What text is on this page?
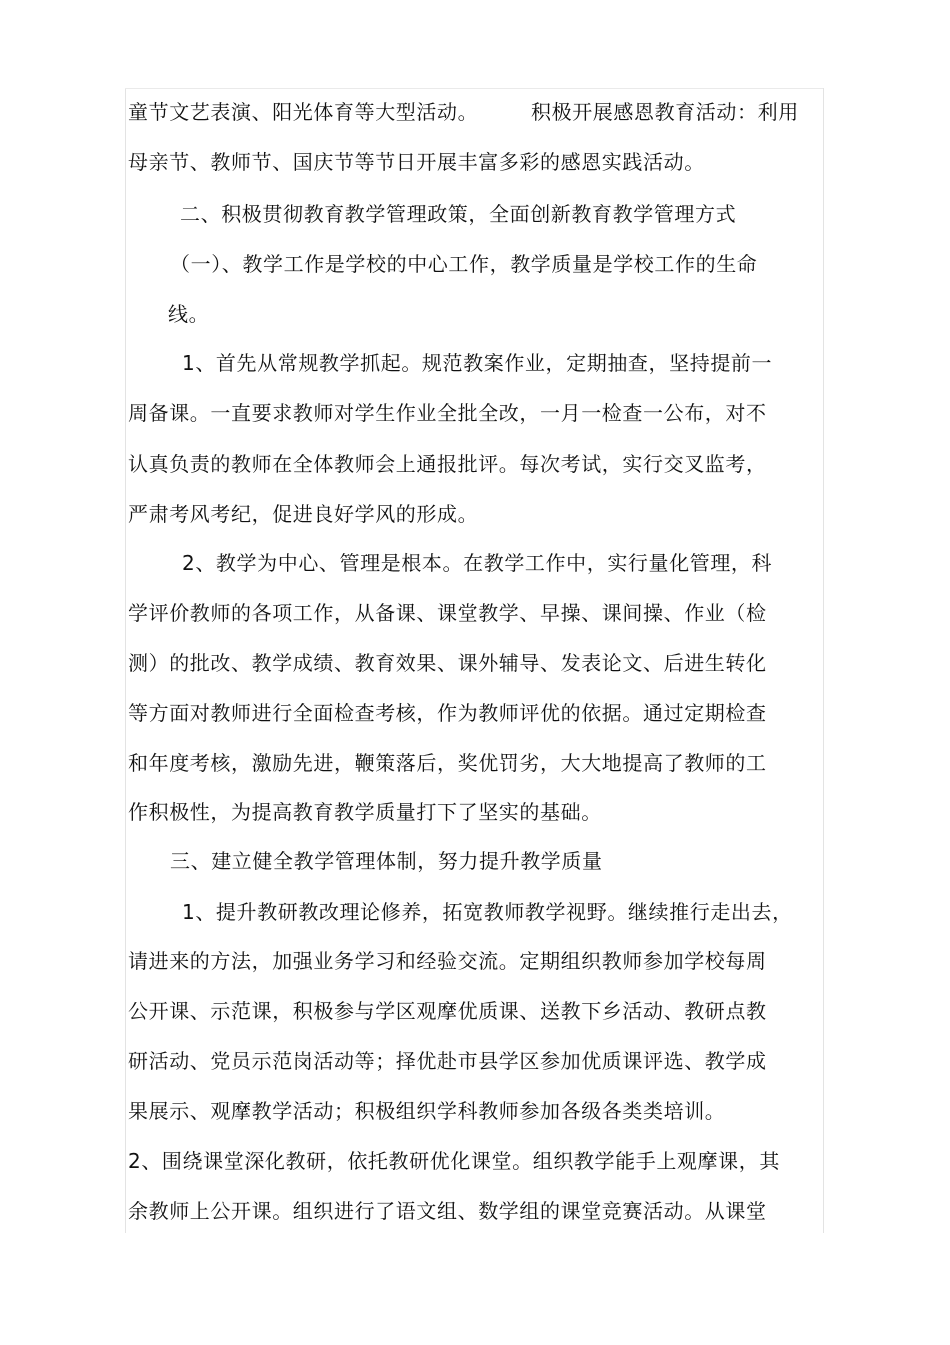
童节文艺表演、阳光体育等大型活动。	积极开展感恩教育活动：利用
母亲节、教师节、国庆节等节日开展丰富多彩的感恩实践活动。
二、积极贯彻教育教学管理政策，全面创新教育教学管理方式
（一）、教学工作是学校的中心工作，教学质量是学校工作的生命
线。
1、首先从常规教学抓起。规范教案作业，定期抽查，坚持提前一
周备课。一直要求教师对学生作业全批全改，一月一检查一公布，对不
认真负责的教师在全体教师会上通报批评。每次考试，实行交叉监考，
严肃考风考纪，促进良好学风的形成。
2、教学为中心、管理是根本。在教学工作中，实行量化管理，科
学评价教师的各项工作，从备课、课堂教学、早操、课间操、作业（检
测）的批改、教学成绩、教育效果、课外辅导、发表论文、后进生转化
等方面对教师进行全面检查考核，作为教师评优的依据。通过定期检查
和年度考核，激励先进，鞭策落后，奖优罚劣，大大地提高了教师的工
作积极性，为提高教育教学质量打下了坚实的基础。
三、建立健全教学管理体制，努力提升教学质量
1、提升教研教改理论修养，拓宽教师教学视野。继续推行走出去，
请进来的方法，加强业务学习和经验交流。定期组织教师参加学校每周
公开课、示范课，积极参与学区观摩优质课、送教下乡活动、教研点教
研活动、党员示范岗活动等；择优赴市县学区参加优质课评选、教学成
果展示、观摩教学活动；积极组织学科教师参加各级各类类培训。
2、围绕课堂深化教研，依托教研优化课堂。组织教学能手上观摩课，其
余教师上公开课。组织进行了语文组、数学组的课堂竞赛活动。从课堂
